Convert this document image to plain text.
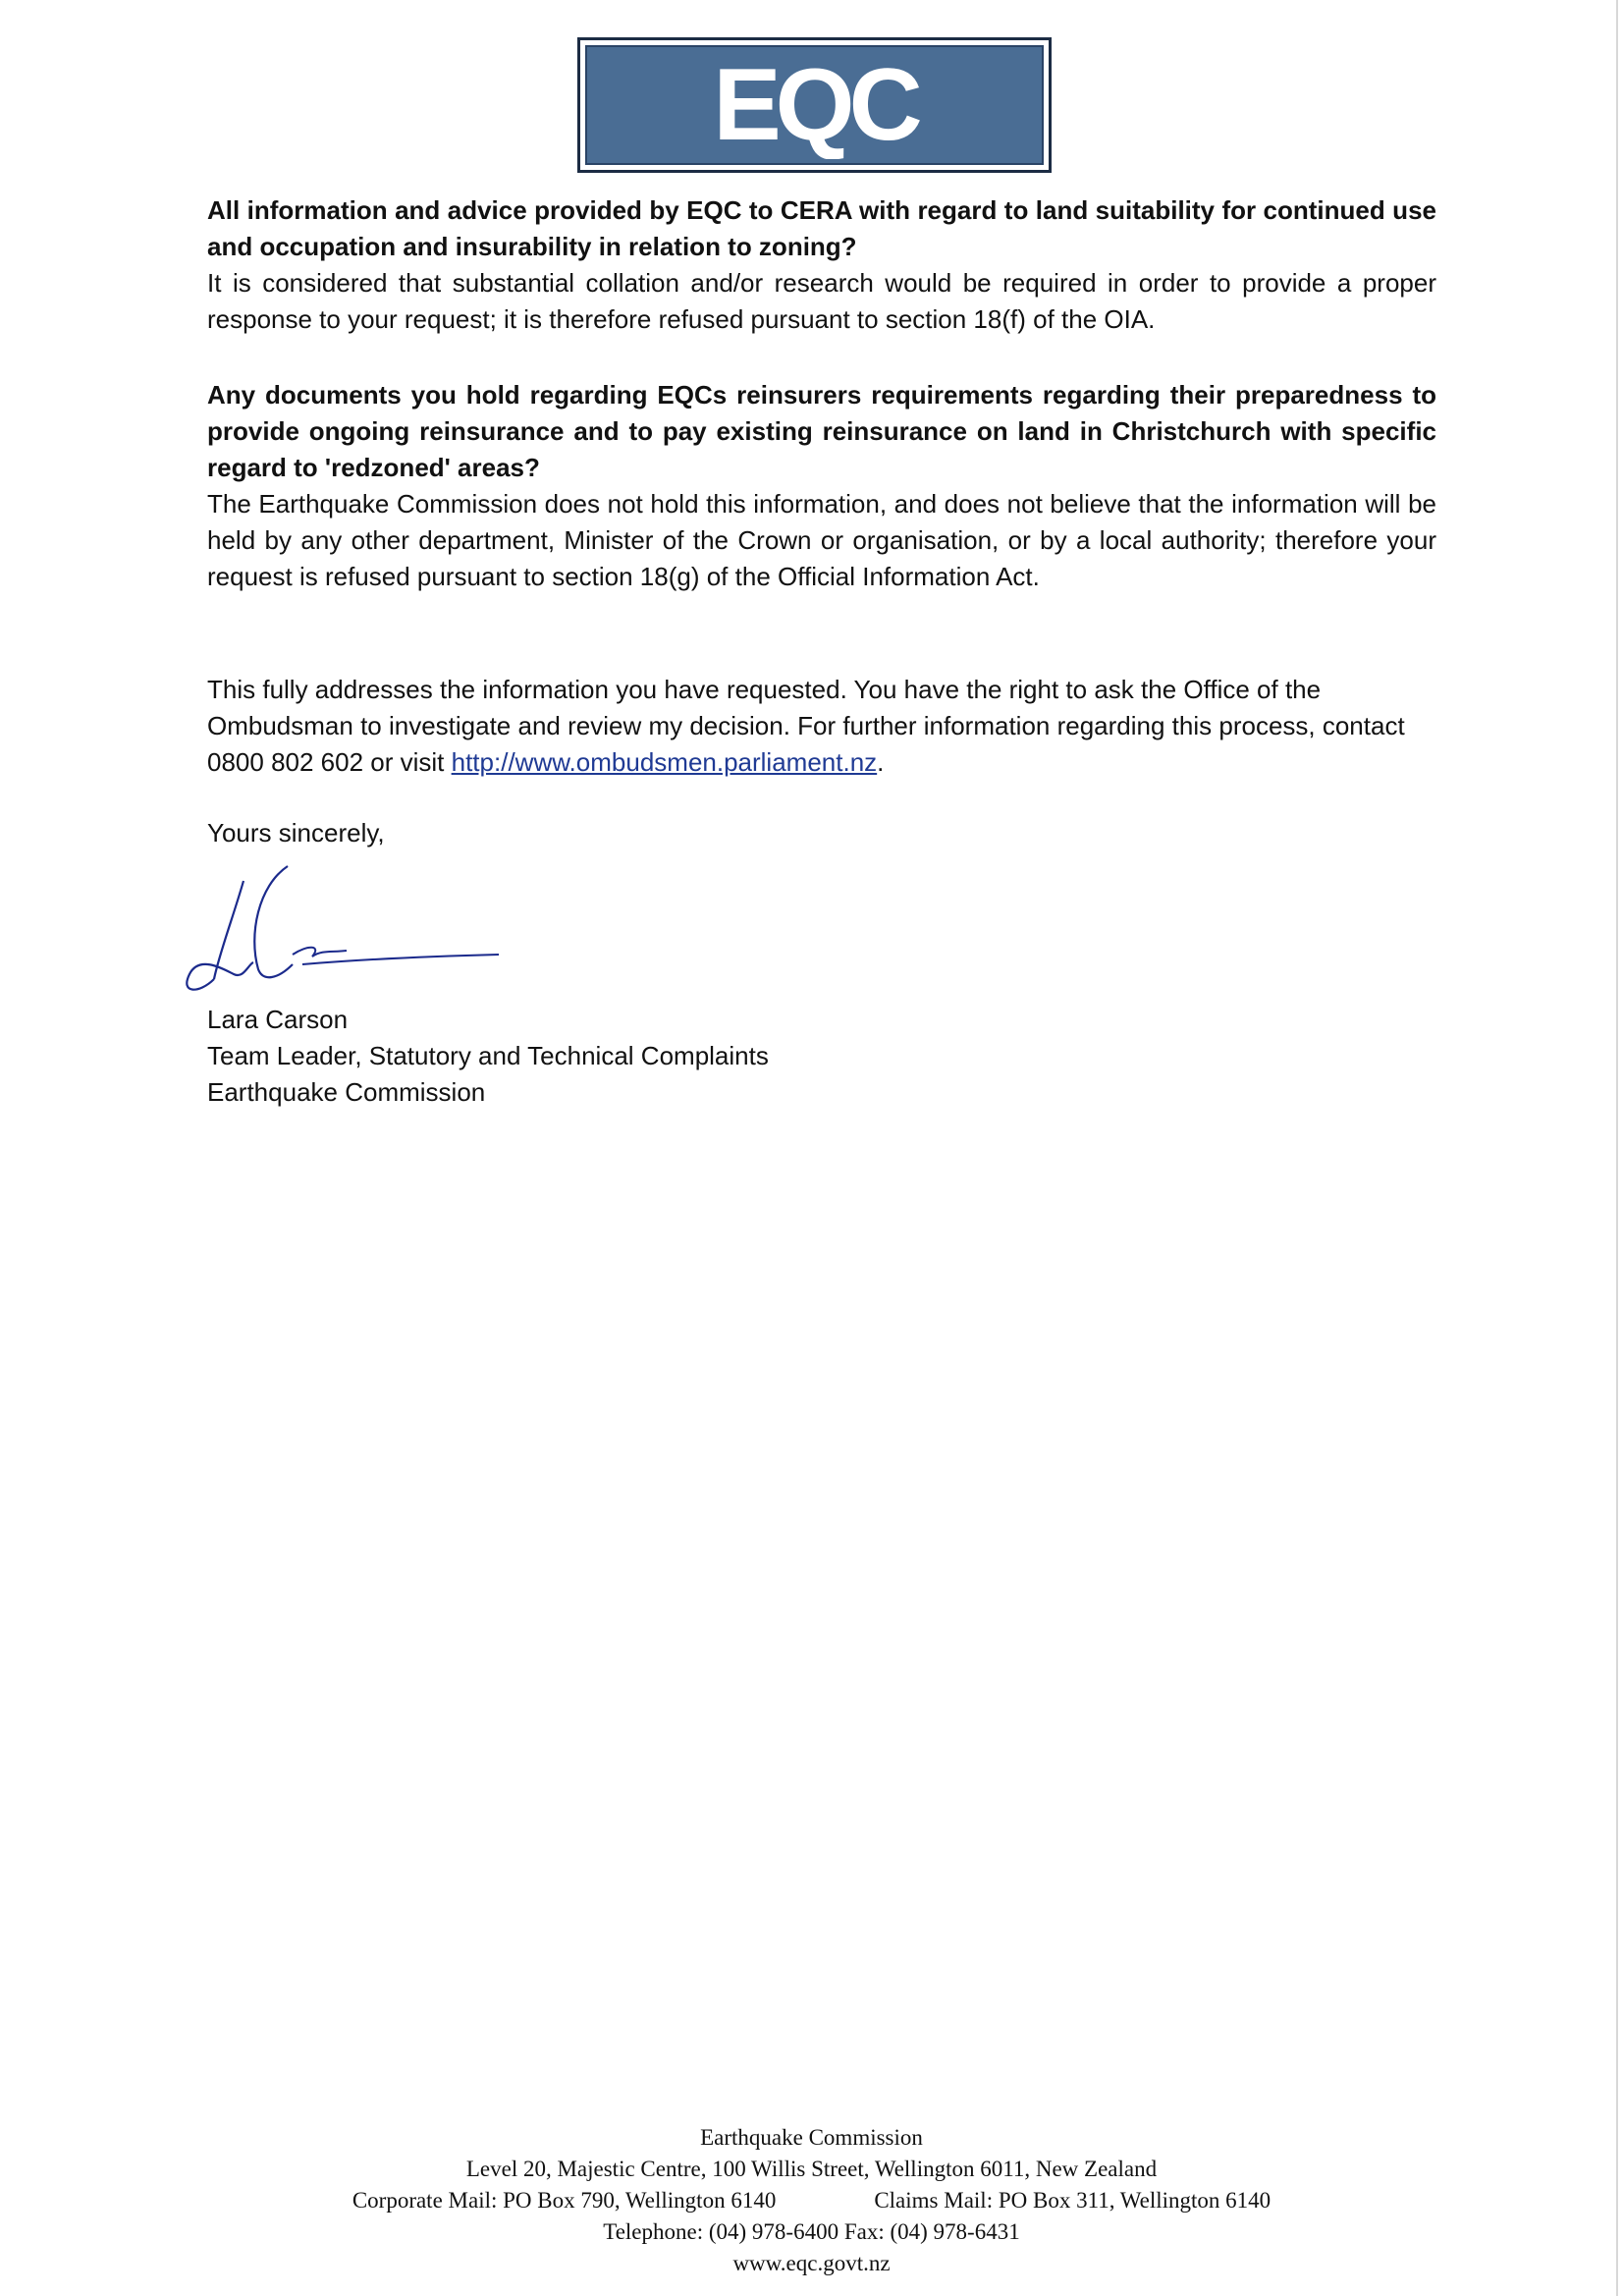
EQC

All information and advice provided by EQC to CERA with regard to land suitability for continued use and occupation and insurability in relation to zoning?

It is considered that substantial collation and/or research would be required in order to provide a proper response to your request; it is therefore refused pursuant to section 18(f) of the OIA.

Any documents you hold regarding EQCs reinsurers requirements regarding their preparedness to provide ongoing reinsurance and to pay existing reinsurance on land in Christchurch with specific regard to 'redzoned' areas?

The Earthquake Commission does not hold this information, and does not believe that the information will be held by any other department, Minister of the Crown or organisation, or by a local authority; therefore your request is refused pursuant to section 18(g) of the Official Information Act.

This fully addresses the information you have requested. You have the right to ask the Office of the Ombudsman to investigate and review my decision. For further information regarding this process, contact 0800 802 602 or visit http://www.ombudsmen.parliament.nz.

Yours sincerely,
Lara Carson
Team Leader, Statutory and Technical Complaints
Earthquake Commission
Earthquake Commission
Level 20, Majestic Centre, 100 Willis Street, Wellington 6011, New Zealand
Corporate Mail: PO Box 790, Wellington 6140	Claims Mail: PO Box 311, Wellington 6140
Telephone: (04) 978-6400 Fax: (04) 978-6431
www.eqc.govt.nz
